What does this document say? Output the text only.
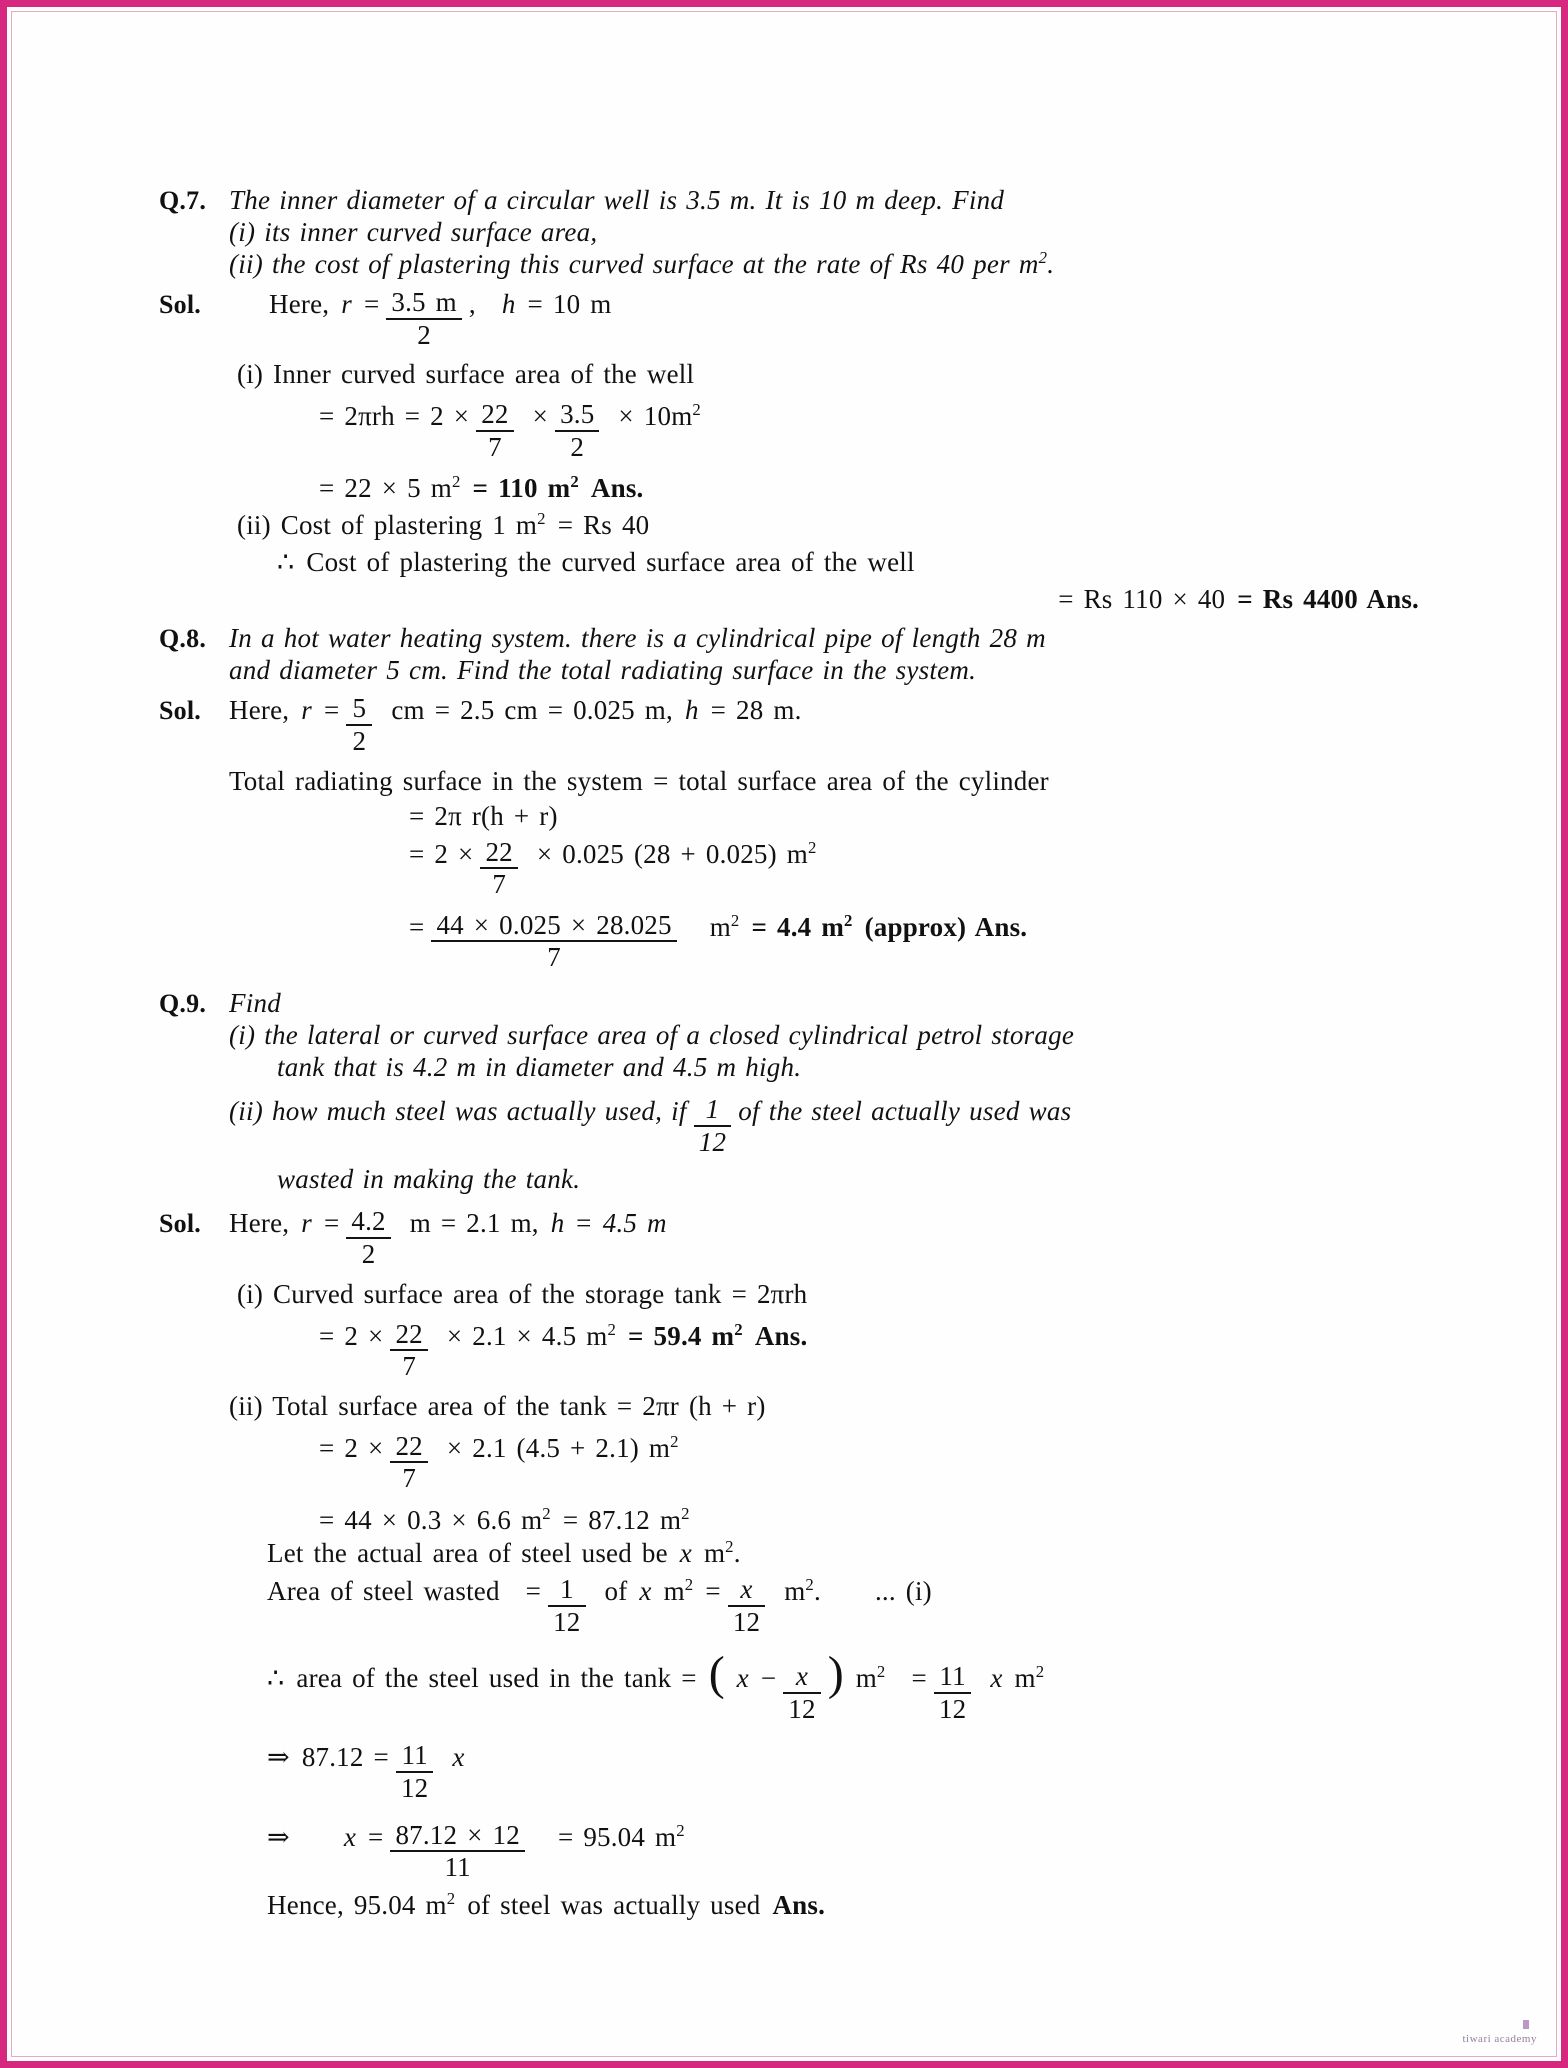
Q.7. The inner diameter of a circular well is 3.5 m. It is 10 m deep. Find
(i) its inner curved surface area,
(ii) the cost of plastering this curved surface at the rate of Rs 40 per m $^2$ .
Sol.	Here, $r = \frac{3.5 m}{2}$ , h = 10 m
(i) Inner curved surface area of the well
= $2\pi rh = 2 \times \frac{22}{7} \times \frac{3.5}{2} \times 10m$ $^2$
= 22 × 5 m $^2$ = 110 m $^2$ Ans.
(ii) Cost of plastering 1 m $^2$ = Rs 40
∴ Cost of plastering the curved surface area of the well
= Rs 110 × 40 = Rs 4400 Ans.
Q.8. In a hot water heating system. there is a cylindrical pipe of length 28 m
and diameter 5 cm. Find the total radiating surface in the system.
Sol.	Here, $r = \frac{5}{2}$ cm = 2.5 cm = 0.025 m, h = 28 m.
Total radiating surface in the system = total surface area of the cylinder
= 2π r(h + r)
= $2 \times \frac{22}{7} \times 0.025$ (28 + 0.025) m $^2$
= $\frac{44 \times 0.025 \times 28.025}{7}$ m $^2$ = 4.4 m $^2$ (approx) Ans.
Q.9. Find
(i) the lateral or curved surface area of a closed cylindrical petrol storage
tank that is 4.2 m in diameter and 4.5 m high.
(ii) how much steel was actually used, if $\frac{1}{12}$ of the steel actually used was
wasted in making the tank.
Sol.	Here, $r = \frac{4.2}{2}$ m = 2.1 m, h = 4.5 m
(i) Curved surface area of the storage tank = 2πrh
= $2 \times \frac{22}{7} \times 2.1 \times 4.5$ m $^2$ = 59.4 m $^2$ Ans.
(ii) Total surface area of the tank = 2πr (h + r)
= $2 \times \frac{22}{7} \times 2.1$ (4.5 + 2.1) m $^2$
= 44 × 0.3 × 6.6 m $^2$ = 87.12 m $^2$
Let the actual area of steel used be x m $^2$ .
Area of steel wasted = $\frac{1}{12}$ of x m $^2 = \frac{x}{12}$ m $^2$ . ... (i)
∴ area of the steel used in the tank = ( $x - \frac{x}{12}$ ) m $^2 = \frac{11}{12}$ x m $^2$
⇒ $87.12 = \frac{11}{12}$ x
⇒ $x = \frac{87.12 \times 12}{11} = 95.04$ m $^2$
Hence, 95.04 m $^2$ of steel was actually used Ans.
tiwari academy
